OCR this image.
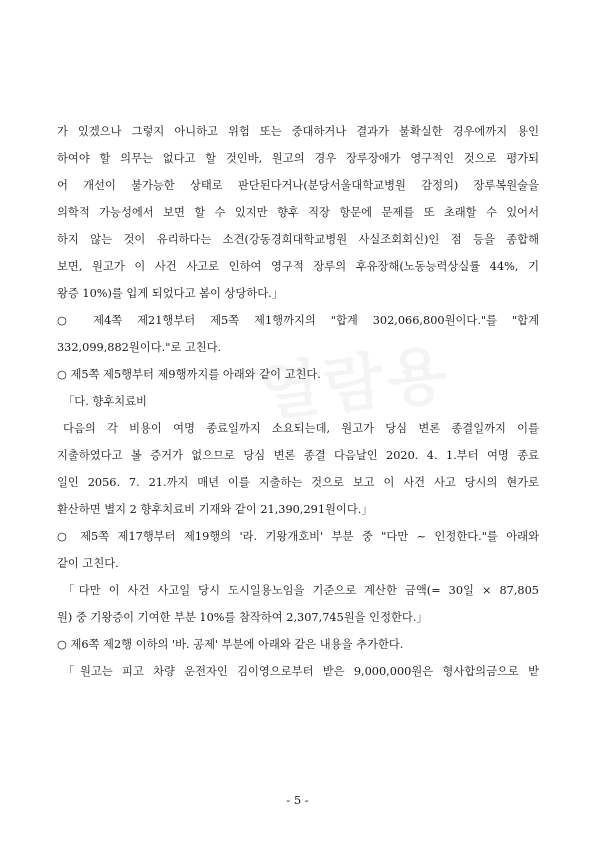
가 있겠으나 그렇지 아니하고 위험 또는 중대하거나 결과가 불확실한 경우에까지 용인
하여야 할 의무는 없다고 할 것인바, 원고의 경우 장루장애가 영구적인 것으로 평가되
어 개선이 불가능한 상태로 판단된다거나(분당서울대학교병원 감정의) 장루복원술을
의학적 가능성에서 보면 할 수 있지만 향후 직장 항문에 문제를 또 초래할 수 있어서
하지 않는 것이 유리하다는 소견(강동경희대학교병원 사실조회회신)인 점 등을 종합해
보면, 원고가 이 사건 사고로 인하여 영구적 장루의 후유장해(노동능력상실률 44%, 기
왕증 10%)를 입게 되었다고 봄이 상당하다.」
○ 제4쪽 제21행부터 제5쪽 제1행까지의 "합계 302,066,800원이다."를 "합계
332,099,882원이다."로 고친다.
○ 제5쪽 제5행부터 제9행까지를 아래와 같이 고친다.
「다. 향후치료비
다음의 각 비용이 여명 종료일까지 소요되는데, 원고가 당심 변론 종결일까지 이를
지출하였다고 볼 증거가 없으므로 당심 변론 종결 다음날인 2020. 4. 1.부터 여명 종료
일인 2056. 7. 21.까지 매년 이를 지출하는 것으로 보고 이 사건 사고 당시의 현가로
환산하면 별지 2 향후치료비 기재와 같이 21,390,291원이다.」
○ 제5쪽 제17행부터 제19행의 '라. 기왕개호비' 부분 중 "다만 ~ 인정한다."를 아래와
같이 고친다.
「다만 이 사건 사고일 당시 도시일용노임을 기준으로 계산한 금액(= 30일 × 87,805
원) 중 기왕증이 기여한 부분 10%를 참작하여 2,307,745원을 인정한다.」
○ 제6쪽 제2행 이하의 '바. 공제' 부분에 아래와 같은 내용을 추가한다.
「원고는 피고 차량 운전자인 김이영으로부터 받은 9,000,000원은 형사합의금으로 받
- 5 -
